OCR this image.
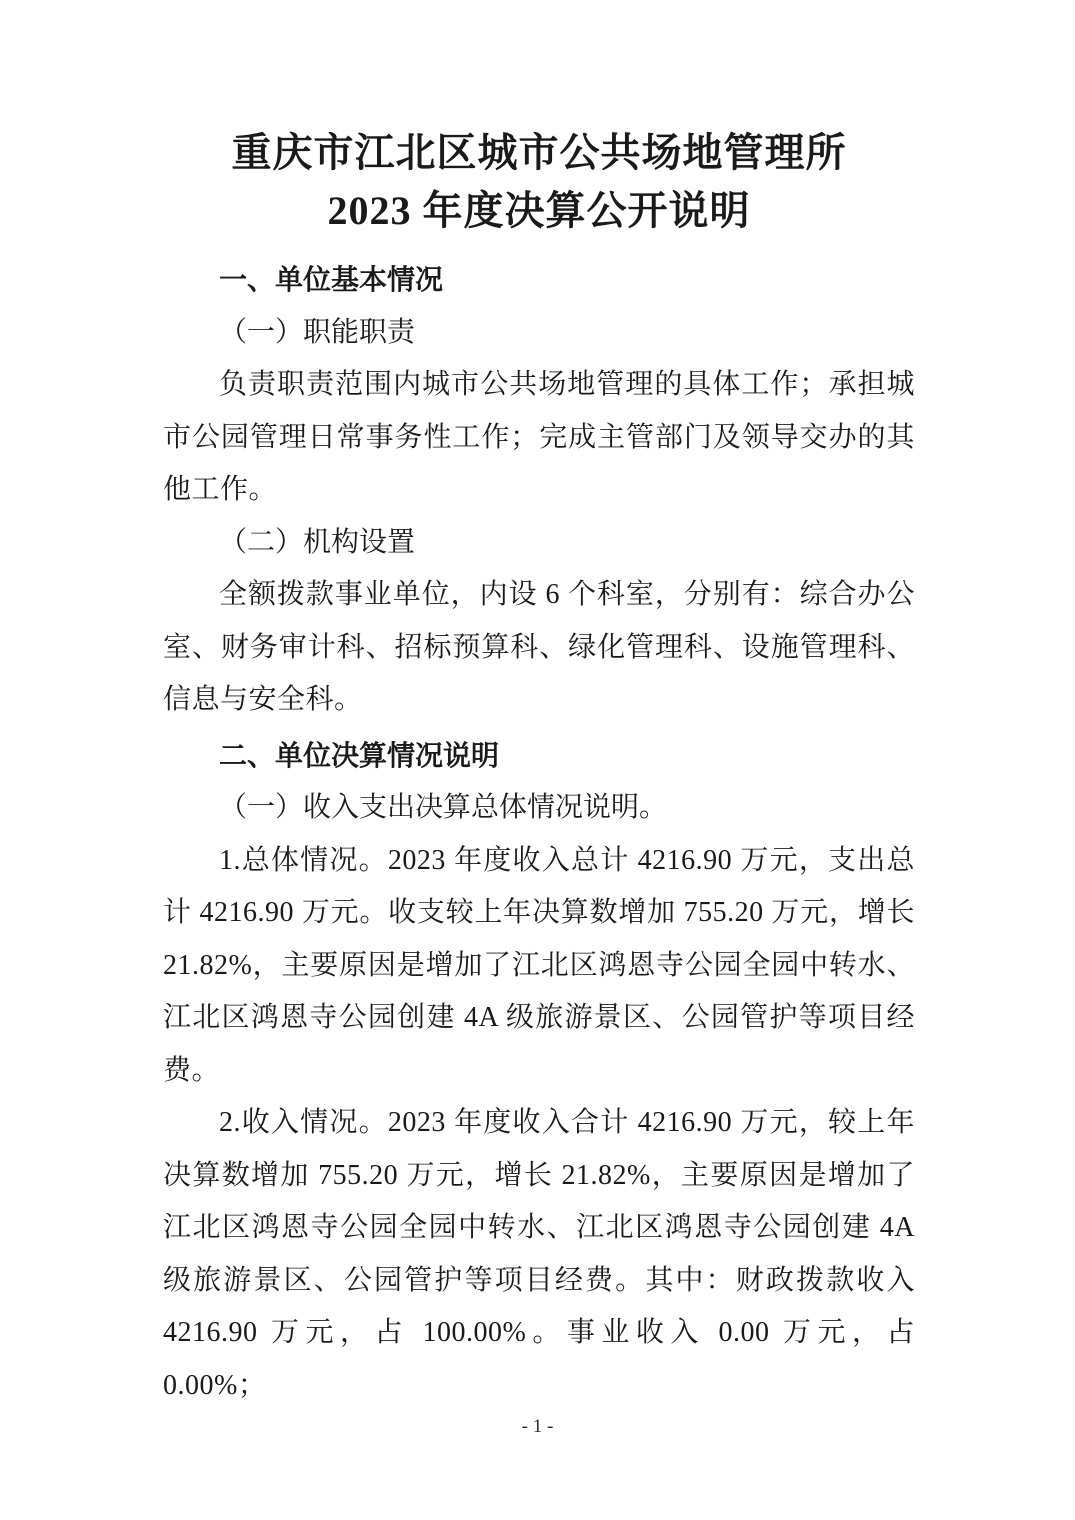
重庆市江北区城市公共场地管理所
2023 年度决算公开说明
一、单位基本情况
（一）职能职责
负责职责范围内城市公共场地管理的具体工作；承担城市公园管理日常事务性工作；完成主管部门及领导交办的其他工作。
（二）机构设置
全额拨款事业单位，内设 6 个科室，分别有：综合办公室、财务审计科、招标预算科、绿化管理科、设施管理科、信息与安全科。
二、单位决算情况说明
（一）收入支出决算总体情况说明。
1.总体情况。2023 年度收入总计 4216.90 万元，支出总计 4216.90 万元。收支较上年决算数增加 755.20 万元，增长 21.82%，主要原因是增加了江北区鸿恩寺公园全园中转水、江北区鸿恩寺公园创建 4A 级旅游景区、公园管护等项目经费。
2.收入情况。2023 年度收入合计 4216.90 万元，较上年决算数增加 755.20 万元，增长 21.82%，主要原因是增加了江北区鸿恩寺公园全园中转水、江北区鸿恩寺公园创建 4A 级旅游景区、公园管护等项目经费。其中：财政拨款收入 4216.90 万元，占 100.00%。事业收入 0.00 万元，占 0.00%；
- 1 -
